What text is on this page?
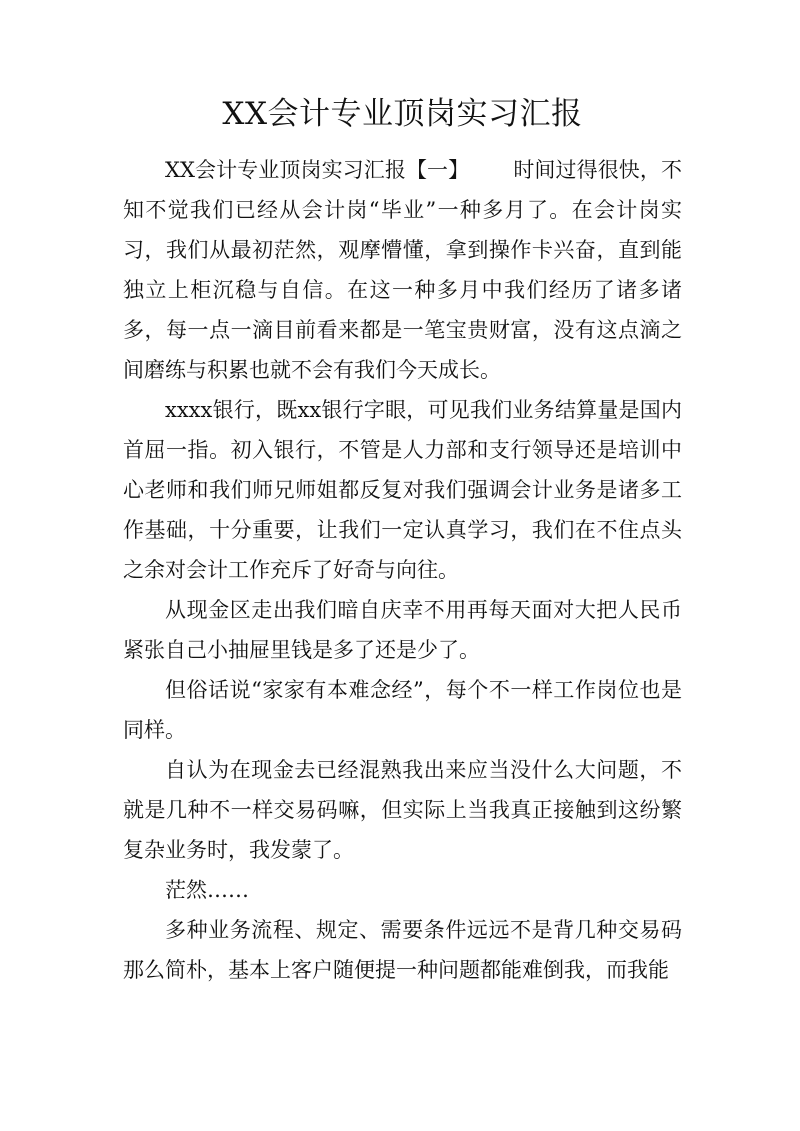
XX会计专业顶岗实习汇报

XX会计专业顶岗实习汇报【一】 时间过得很快，不知不觉我们已经从会计岗“毕业”一种多月了。在会计岗实习，我们从最初茫然，观摩懵懂，拿到操作卡兴奋，直到能独立上柜沉稳与自信。在这一种多月中我们经历了诸多诸多，每一点一滴目前看来都是一笔宝贵财富，没有这点滴之间磨练与积累也就不会有我们今天成长。

xxxx银行，既xx银行字眼，可见我们业务结算量是国内首屈一指。初入银行，不管是人力部和支行领导还是培训中心老师和我们师兄师姐都反复对我们强调会计业务是诸多工作基础，十分重要，让我们一定认真学习，我们在不住点头之余对会计工作充斥了好奇与向往。

从现金区走出我们暗自庆幸不用再每天面对大把人民币紧张自己小抽屉里钱是多了还是少了。

但俗话说“家家有本难念经”，每个不一样工作岗位也是同样。

自认为在现金去已经混熟我出来应当没什么大问题，不就是几种不一样交易码嘛，但实际上当我真正接触到这纷繁复杂业务时，我发蒙了。

茫然……

多种业务流程、规定、需要条件远远不是背几种交易码那么简朴，基本上客户随便提一种问题都能难倒我，而我能
